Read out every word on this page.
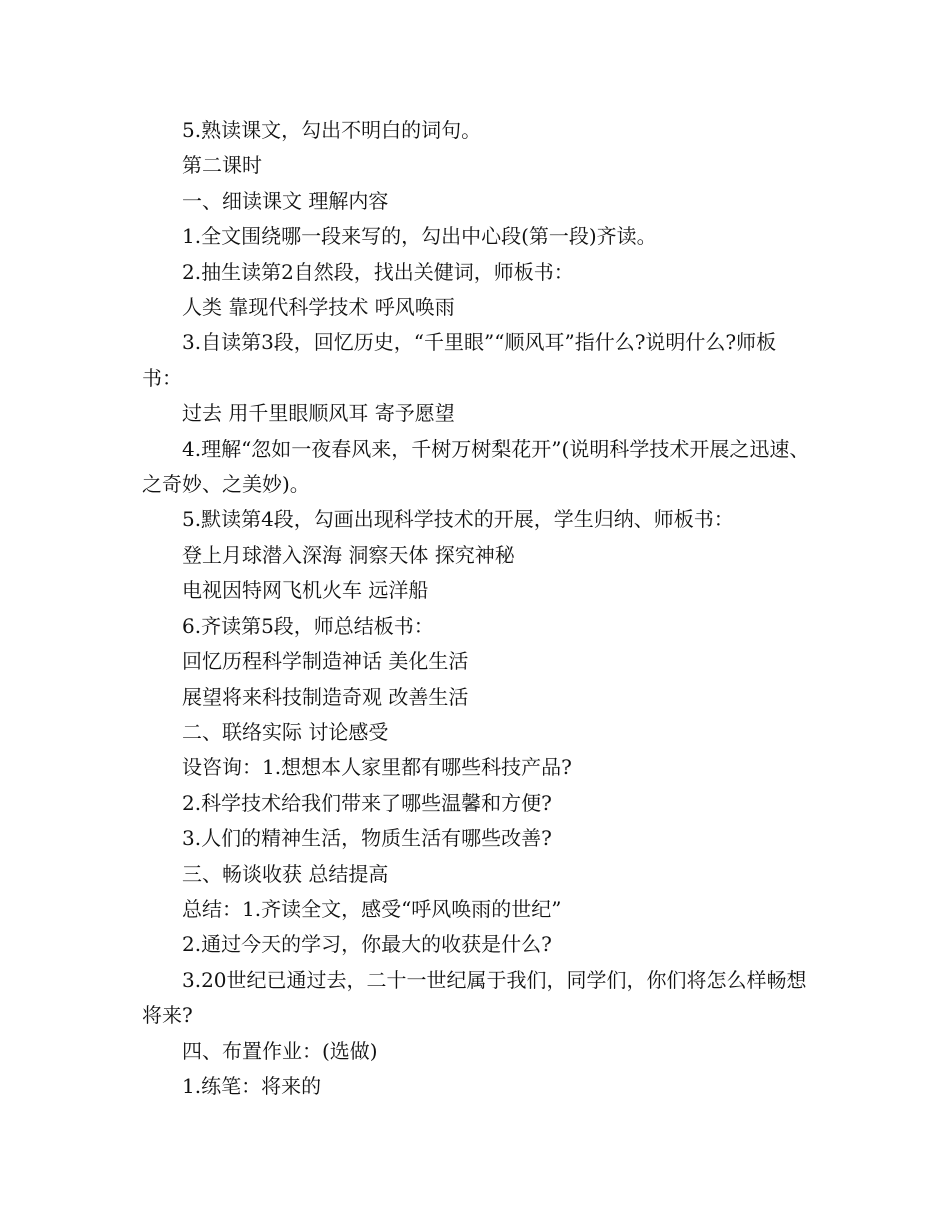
5.熟读课文，勾出不明白的词句。

第二课时

一、细读课文 理解内容

1.全文围绕哪一段来写的，勾出中心段(第一段)齐读。

2.抽生读第2自然段，找出关健词，师板书：

人类 靠现代科学技术 呼风唤雨

3.自读第3段，回忆历史，“千里眼”“顺风耳”指什么?说明什么?师板书：

过去 用千里眼顺风耳 寄予愿望

4.理解“忽如一夜春风来，千树万树梨花开”(说明科学技术开展之迅速、之奇妙、之美妙)。

5.默读第4段，勾画出现科学技术的开展，学生归纳、师板书：

登上月球潜入深海 洞察天体 探究神秘

电视因特网飞机火车 远洋船

6.齐读第5段，师总结板书：

回忆历程科学制造神话 美化生活

展望将来科技制造奇观 改善生活

二、联络实际 讨论感受

设咨询：1.想想本人家里都有哪些科技产品?

2.科学技术给我们带来了哪些温馨和方便?

3.人们的精神生活，物质生活有哪些改善?

三、畅谈收获 总结提高

总结：1.齐读全文，感受“呼风唤雨的世纪”

2.通过今天的学习，你最大的收获是什么?

3.20世纪已通过去，二十一世纪属于我们，同学们，你们将怎么样畅想将来?

四、布置作业：(选做)

1.练笔：将来的
